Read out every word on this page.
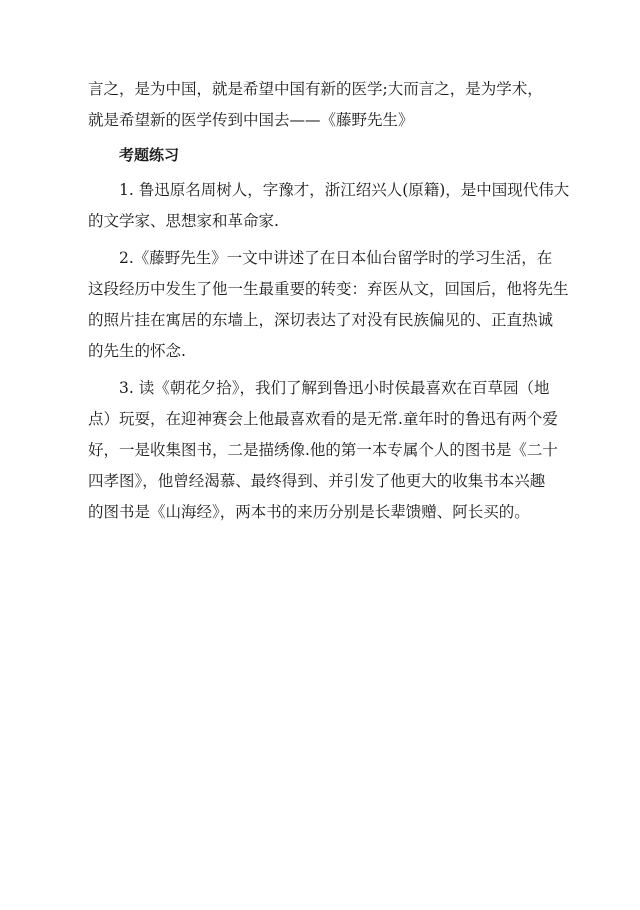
言之，是为中国，就是希望中国有新的医学;大而言之，是为学术，

就是希望新的医学传到中国去——《藤野先生》

考题练习

1. 鲁迅原名周树人，字豫才，浙江绍兴人(原籍)，是中国现代伟大

的文学家、思想家和革命家.

2.《藤野先生》一文中讲述了在日本仙台留学时的学习生活，在

这段经历中发生了他一生最重要的转变：弃医从文，回国后，他将先生

的照片挂在寓居的东墙上，深切表达了对没有民族偏见的、正直热诚

的先生的怀念.

3. 读《朝花夕拾》，我们了解到鲁迅小时侯最喜欢在百草园（地

点）玩耍，在迎神赛会上他最喜欢看的是无常.童年时的鲁迅有两个爱

好，一是收集图书，二是描绣像.他的第一本专属个人的图书是《二十

四孝图》，他曾经渴慕、最终得到、并引发了他更大的收集书本兴趣

的图书是《山海经》，两本书的来历分别是长辈馈赠、阿长买的。
